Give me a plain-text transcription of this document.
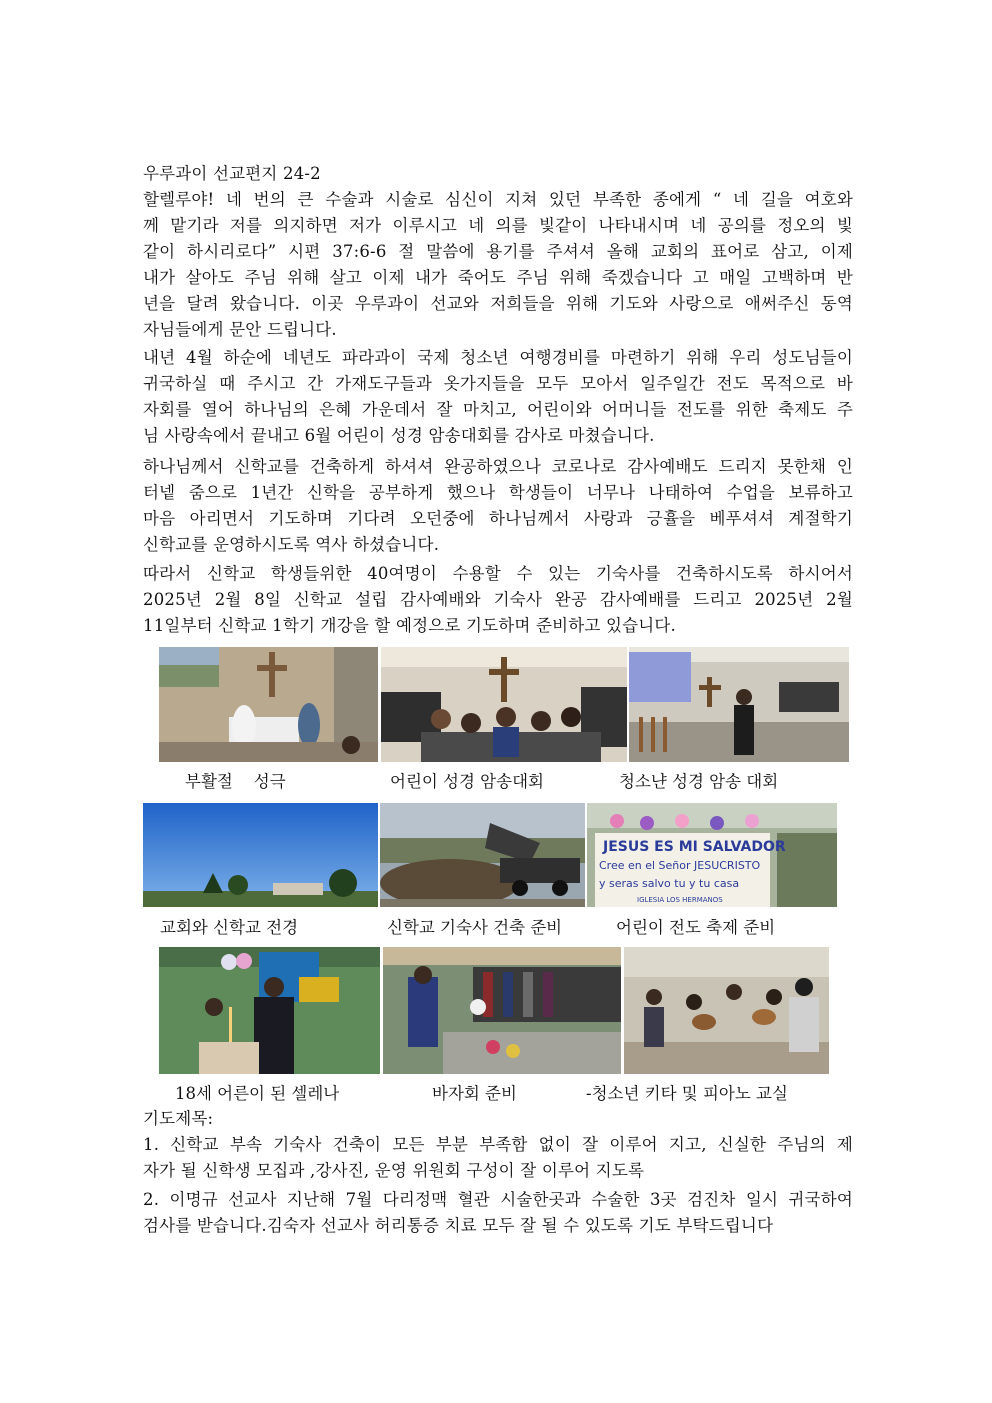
우루과이 선교편지 24-2
할렐루야! 네 번의 큰 수술과 시술로 심신이 지쳐 있던 부족한 종에게 “ 네 길을 여호와
께 맡기라 저를 의지하면 저가 이루시고 네 의를 빛같이 나타내시며 네 공의를 정오의 빛
같이 하시리로다” 시편 37:6-6 절 말씀에 용기를 주셔셔 올해 교회의 표어로 삼고, 이제
내가 살아도 주님 위해 살고 이제 내가 죽어도 주님 위해 죽겠습니다 고 매일 고백하며 반
년을 달려 왔습니다. 이곳 우루과이 선교와 저희들을 위해 기도와 사랑으로 애써주신 동역
자님들에게 문안 드립니다.
내년 4월 하순에 네년도 파라과이 국제 청소년 여행경비를 마련하기 위해 우리 성도님들이
귀국하실 때 주시고 간 가재도구들과 옷가지들을 모두 모아서 일주일간 전도 목적으로 바
자회를 열어 하나님의 은혜 가운데서 잘 마치고, 어린이와 어머니들 전도를 위한 축제도 주
님 사랑속에서 끝내고 6월 어린이 성경 암송대회를 감사로 마쳤습니다.
하나님께서 신학교를 건축하게 하셔셔 완공하였으나 코로나로 감사예배도 드리지 못한채 인
터넽 줌으로 1년간 신학을 공부하게 했으나 학생들이 너무나 나태하여 수업을 보류하고
마음 아리면서 기도하며 기다려 오던중에 하나님께서 사랑과 긍휼을 베푸셔셔 계절학기
신학교를 운영하시도록 역사 하셨습니다.
따라서 신학교 학생들위한 40여명이 수용할 수 있는 기숙사를 건축하시도록 하시어서
2025년 2월 8일 신학교 설립 감사예배와 기숙사 완공 감사예배를 드리고 2025년 2월
11일부터 신학교 1학기 개강을 할 예정으로 기도하며 준비하고 있습니다.
부활절    성극	어린이 성경 암송대회	청소냔 성경 암송 대회
JESUS ES MI SALVADOR
Cree en el Señor JESUCRISTO
y seras salvo tu y tu casa
IGLESIA LOS HERMANOS
교회와 신학교 전경	신학교 기숙사 건축 준비	어린이 전도 축제 준비
18세 어른이 된 셀레나	바자회 준비	-청소년 키타 및 피아노 교실
기도제목:
1. 신학교 부속 기숙사 건축이 모든 부분 부족함 없이 잘 이루어 지고, 신실한 주님의 제
자가 될 신학생 모집과 ,강사진, 운영 위원회 구성이 잘 이루어 지도록
2. 이명규 선교사 지난해 7월 다리정맥 혈관 시술한곳과 수술한 3곳 검진차 일시 귀국하여
검사를 받습니다.김숙자 선교사 허리통증 치료 모두 잘 될 수 있도록 기도 부탁드립니다
